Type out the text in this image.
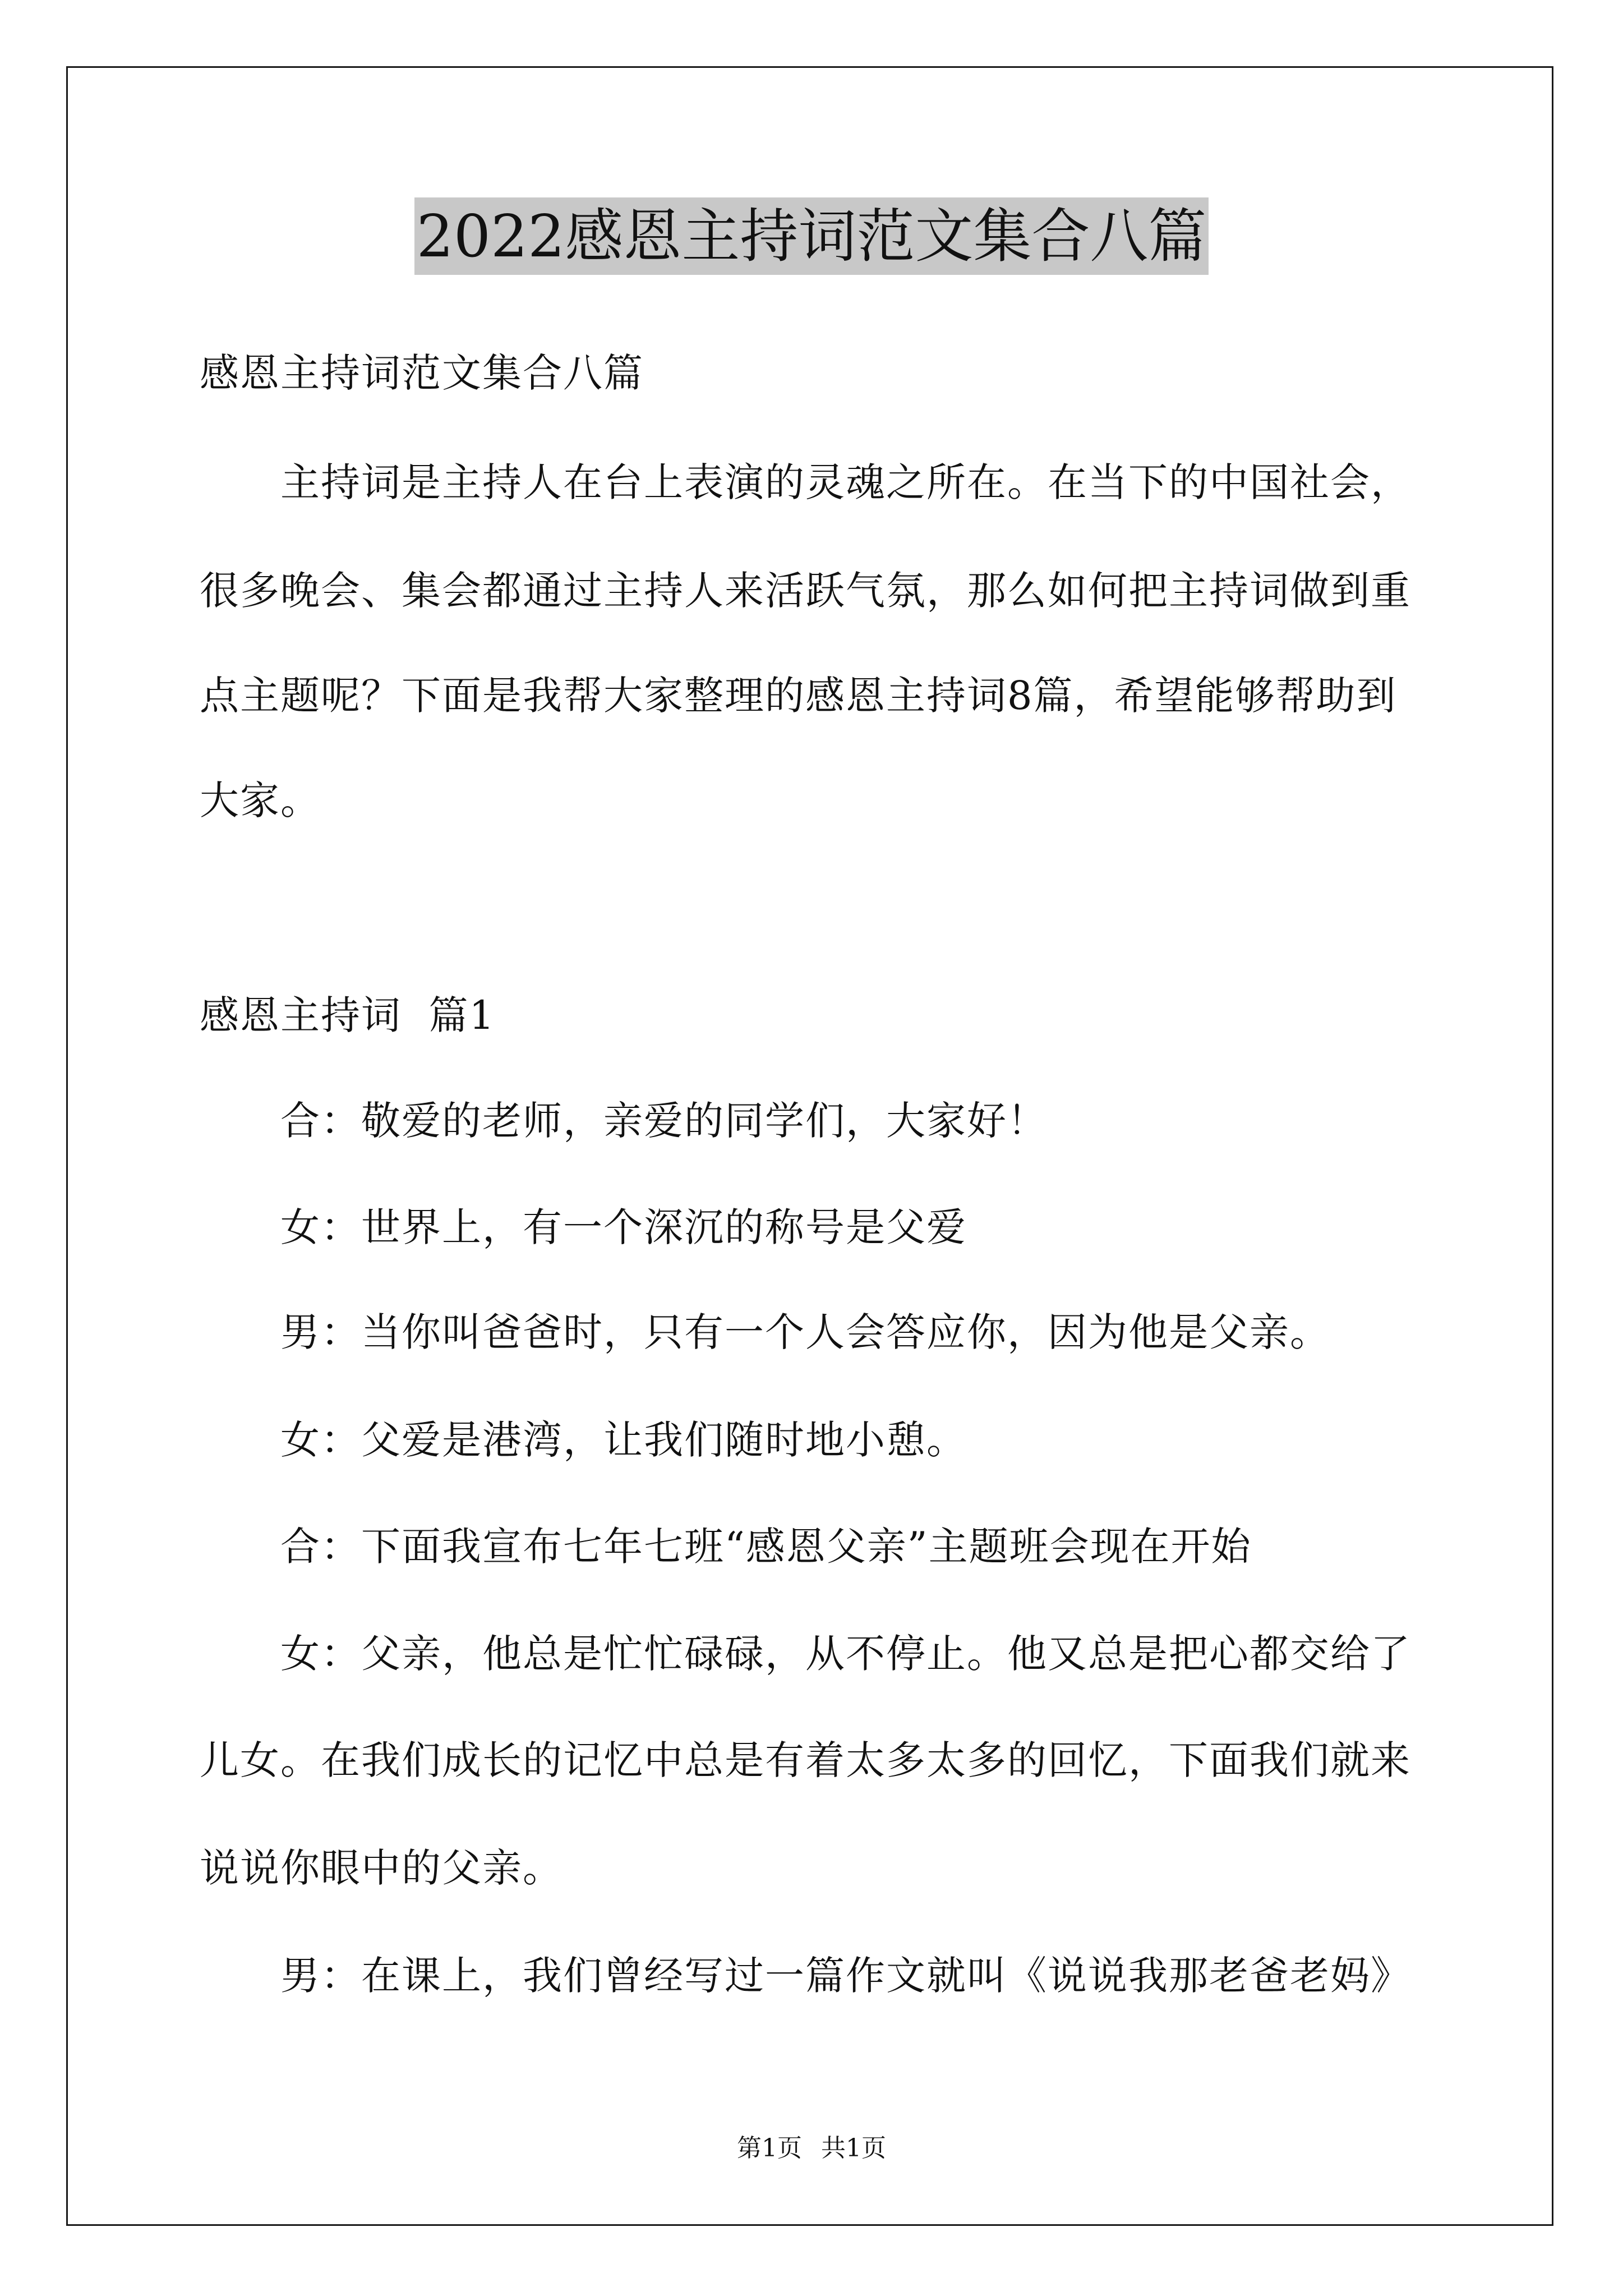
2022感恩主持词范文集合八篇
感恩主持词范文集合八篇
主持词是主持人在台上表演的灵魂之所在。在当下的中国社会，
很多晚会、集会都通过主持人来活跃气氛，那么如何把主持词做到重
点主题呢？下面是我帮大家整理的感恩主持词8篇，希望能够帮助到
大家。
感恩主持词  篇1
合：敬爱的老师，亲爱的同学们，大家好！
女：世界上，有一个深沉的称号是父爱
男：当你叫爸爸时，只有一个人会答应你，因为他是父亲。
女：父爱是港湾，让我们随时地小憩。
合：下面我宣布七年七班“感恩父亲”主题班会现在开始
女：父亲，他总是忙忙碌碌，从不停止。他又总是把心都交给了
儿女。在我们成长的记忆中总是有着太多太多的回忆，下面我们就来
说说你眼中的父亲。
男：在课上，我们曾经写过一篇作文就叫《说说我那老爸老妈》
第1页 共1页
